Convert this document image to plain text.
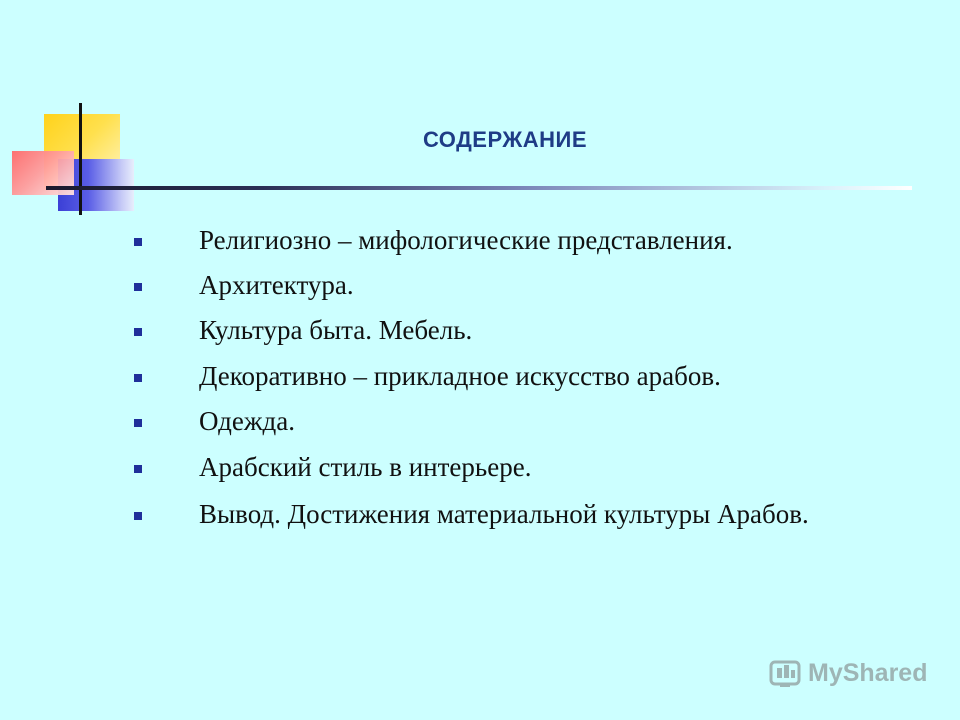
СОДЕРЖАНИЕ
Религиозно – мифологические представления.
Архитектура.
Культура быта. Мебель.
Декоративно – прикладное искусство арабов.
Одежда.
Арабский стиль в интерьере.
Вывод. Достижения материальной культуры Арабов.
MyShared
